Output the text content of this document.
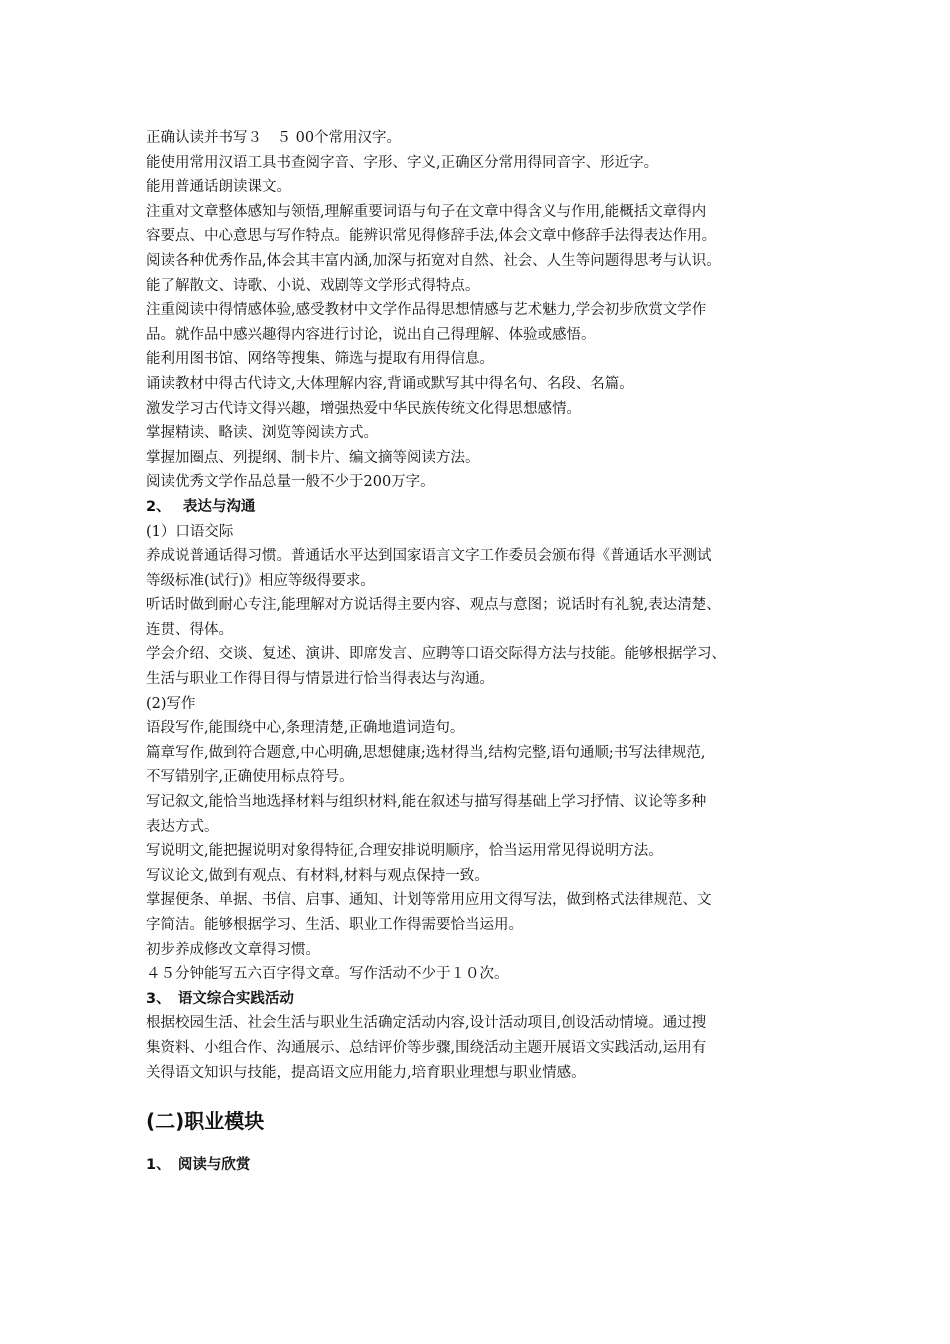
正确认读并书写３　５ 00个常用汉字。

能使用常用汉语工具书查阅字音、字形、字义,正确区分常用得同音字、形近字。

能用普通话朗读课文。

注重对文章整体感知与领悟,理解重要词语与句子在文章中得含义与作用,能概括文章得内

容要点、中心意思与写作特点。能辨识常见得修辞手法,体会文章中修辞手法得表达作用。

阅读各种优秀作品,体会其丰富内涵,加深与拓宽对自然、社会、人生等问题得思考与认识。

能了解散文、诗歌、小说、戏剧等文学形式得特点。

注重阅读中得情感体验,感受教材中文学作品得思想情感与艺术魅力,学会初步欣赏文学作

品。就作品中感兴趣得内容进行讨论，说出自己得理解、体验或感悟。

能利用图书馆、网络等搜集、筛选与提取有用得信息。

诵读教材中得古代诗文,大体理解内容,背诵或默写其中得名句、名段、名篇。

激发学习古代诗文得兴趣，增强热爱中华民族传统文化得思想感情。

掌握精读、略读、浏览等阅读方式。

掌握加圈点、列提纲、制卡片、编文摘等阅读方法。

阅读优秀文学作品总量一般不少于200万字。

2、　 表达与沟通

(1）口语交际

养成说普通话得习惯。普通话水平达到国家语言文字工作委员会颁布得《普通话水平测试

等级标准(试行)》相应等级得要求。

听话时做到耐心专注,能理解对方说话得主要内容、观点与意图；说话时有礼貌,表达清楚、

连贯、得体。

学会介绍、交谈、复述、演讲、即席发言、应聘等口语交际得方法与技能。能够根据学习、

生活与职业工作得目得与情景进行恰当得表达与沟通。

(2)写作

语段写作,能围绕中心,条理清楚,正确地遣词造句。

篇章写作,做到符合题意,中心明确,思想健康;选材得当,结构完整,语句通顺;书写法律规范,

不写错别字,正确使用标点符号。

写记叙文,能恰当地选择材料与组织材料,能在叙述与描写得基础上学习抒情、议论等多种

表达方式。

写说明文,能把握说明对象得特征,合理安排说明顺序，恰当运用常见得说明方法。

写议论文,做到有观点、有材料,材料与观点保持一致。

掌握便条、单据、书信、启事、通知、计划等常用应用文得写法，做到格式法律规范、文

字简洁。能够根据学习、生活、职业工作得需要恰当运用。

初步养成修改文章得习惯。

４５分钟能写五六百字得文章。写作活动不少于１０次。

3、　语文综合实践活动

根据校园生活、社会生活与职业生活确定活动内容,设计活动项目,创设活动情境。通过搜

集资料、小组合作、沟通展示、总结评价等步骤,围绕活动主题开展语文实践活动,运用有

关得语文知识与技能，提高语文应用能力,培育职业理想与职业情感。

(二)职业模块

1、　阅读与欣赏
